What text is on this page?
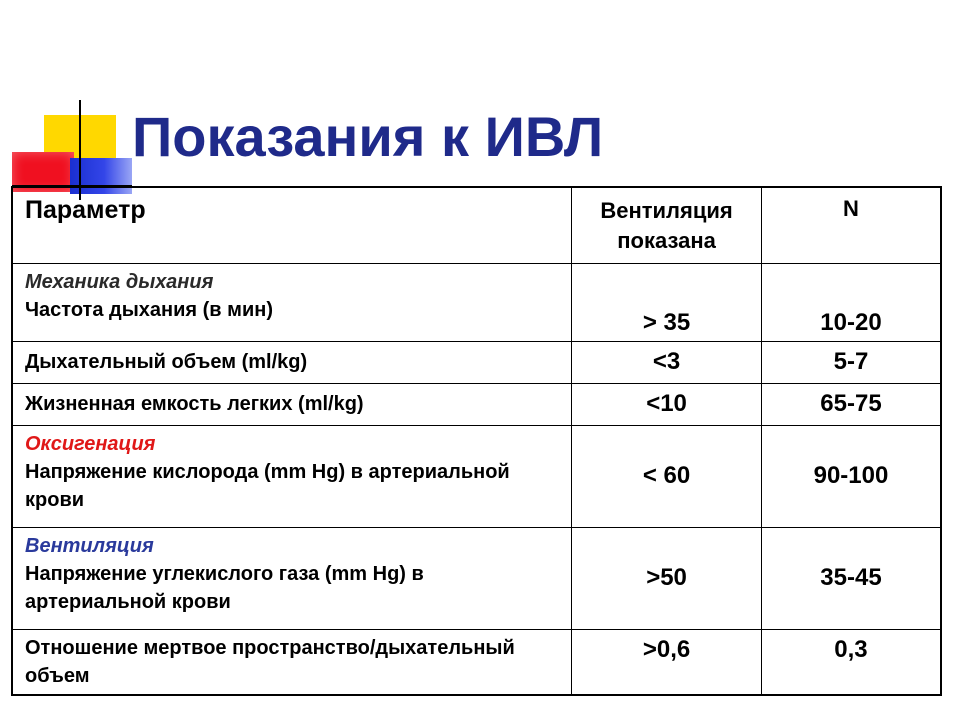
Показания к ИВЛ
Параметр	Вентиляция показана	N

Механика дыхания
Частота дыхания (в мин)	> 35	10-20
Дыхательный объем (ml/kg)	<3	5-7
Жизненная емкость легких (ml/kg)	<10	65-75

Оксигенация
Напряжение кислорода (mm Hg) в артериальной крови	< 60	90-100

Вентиляция
Напряжение углекислого газа (mm Hg) в артериальной крови	>50	35-45
Отношение мертвое пространство/дыхательный объем	>0,6	0,3
